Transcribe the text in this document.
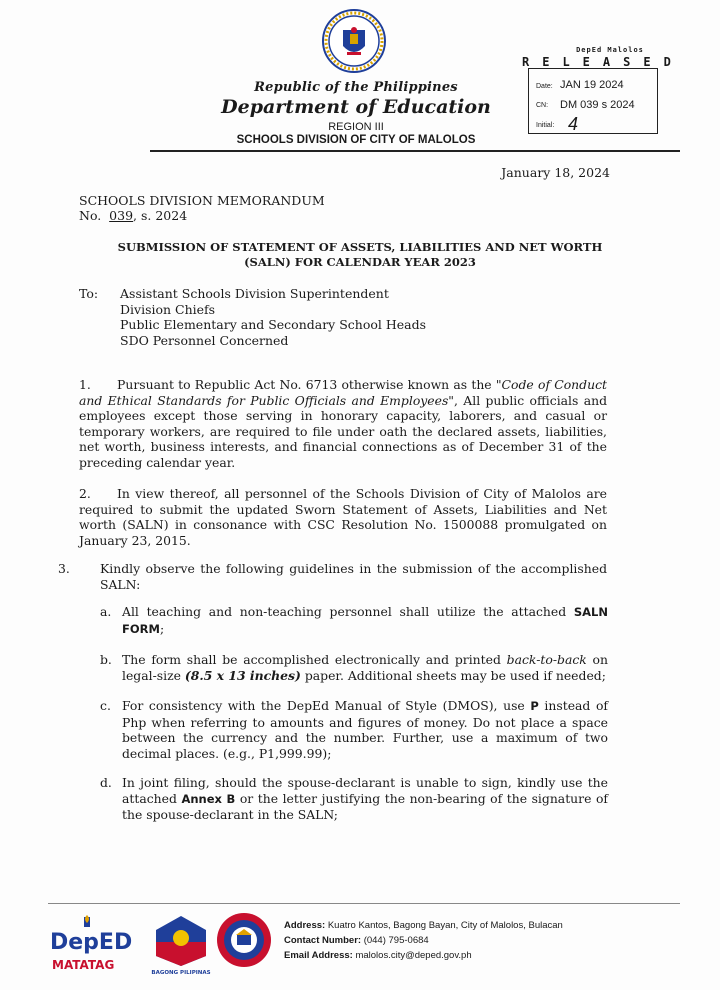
Republic of the Philippines
Department of Education
REGION III
SCHOOLS DIVISION OF CITY OF MALOLOS
DepEd Malolos
RELEASED
Date: JAN 19 2024
CN: DM 039 s 2024
Initial: 4
January 18, 2024
SCHOOLS DIVISION MEMORANDUM
No. 039, s. 2024
SUBMISSION OF STATEMENT OF ASSETS, LIABILITIES AND NET WORTH
(SALN) FOR CALENDAR YEAR 2023
To: Assistant Schools Division Superintendent
Division Chiefs
Public Elementary and Secondary School Heads
SDO Personnel Concerned
1. Pursuant to Republic Act No. 6713 otherwise known as the "Code of Conduct and Ethical Standards for Public Officials and Employees", All public officials and employees except those serving in honorary capacity, laborers, and casual or temporary workers, are required to file under oath the declared assets, liabilities, net worth, business interests, and financial connections as of December 31 of the preceding calendar year.
2. In view thereof, all personnel of the Schools Division of City of Malolos are required to submit the updated Sworn Statement of Assets, Liabilities and Net worth (SALN) in consonance with CSC Resolution No. 1500088 promulgated on January 23, 2015.
3. Kindly observe the following guidelines in the submission of the accomplished SALN:
a. All teaching and non-teaching personnel shall utilize the attached SALN FORM;
b. The form shall be accomplished electronically and printed back-to-back on legal-size (8.5 x 13 inches) paper. Additional sheets may be used if needed;
c. For consistency with the DepEd Manual of Style (DMOS), use P instead of Php when referring to amounts and figures of money. Do not place a space between the currency and the number. Further, use a maximum of two decimal places. (e.g., P1,999.99);
d. In joint filing, should the spouse-declarant is unable to sign, kindly use the attached Annex B or the letter justifying the non-bearing of the signature of the spouse-declarant in the SALN;
DepED
MATATAG
BAGONG PILIPINAS
Address: Kuatro Kantos, Bagong Bayan, City of Malolos, Bulacan
Contact Number: (044) 795-0684
Email Address: malolos.city@deped.gov.ph
